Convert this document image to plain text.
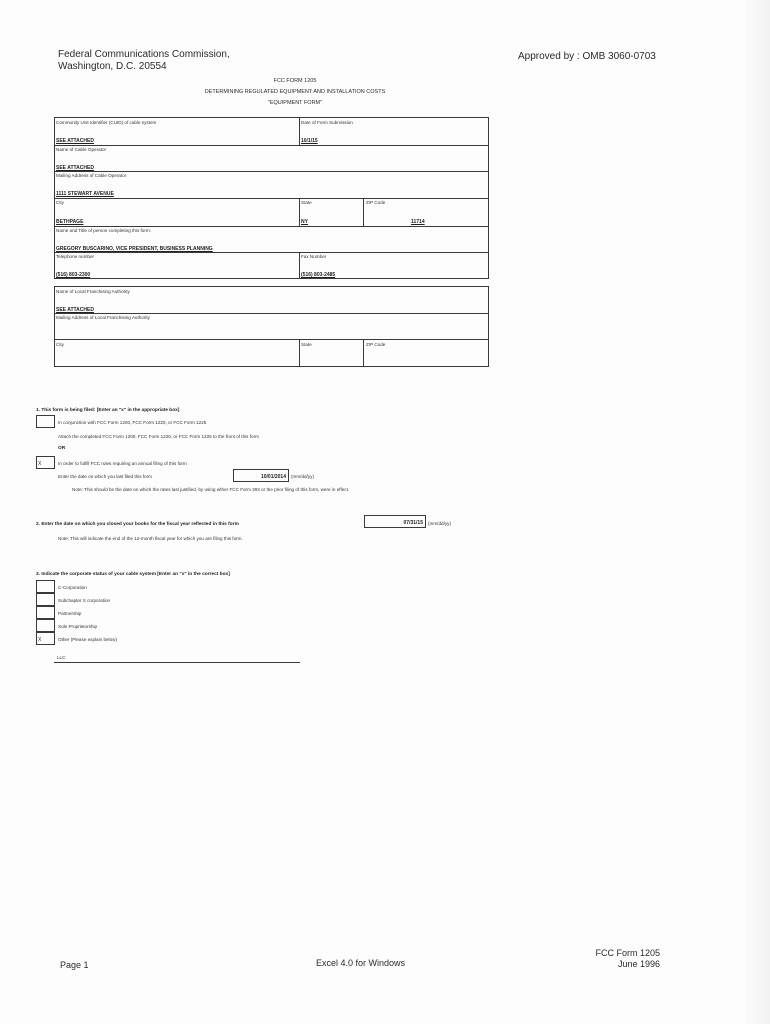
Federal Communications Commission,
Washington, D.C. 20554
Approved by : OMB 3060-0703
FCC FORM 1205
DETERMINING REGULATED EQUIPMENT AND INSTALLATION COSTS
"EQUIPMENT FORM"
Community Unit Identifier (CUID) of cable system
SEE ATTACHED
Date of Form Submission
10/1/15
Name of Cable Operator
SEE ATTACHED
Mailing Address of Cable Operator
1111 STEWART AVENUE
City
BETHPAGE
State
NY
ZIP Code
11714
Name and Title of person completing this form:
GREGORY BUSCARINO, VICE PRESIDENT, BUSINESS PLANNING
Telephone number
(516) 803-2300
Fax Number
(516) 803-2485
Name of Local Franchising Authority
SEE ATTACHED
Mailing Address of Local Franchising Authority
City	State	ZIP Code
1. This form is being filed: [Enter an "x" in the appropriate box]
In conjunction with FCC Form 1200, FCC Form 1220, or FCC Form 1225
Attach the completed FCC Form 1200, FCC Form 1220, or FCC Form 1225 to the front of this form
OR
X	In order to fulfill FCC rules requiring an annual filing of this form
Enter the date on which you last filed this form	10/01/2014 (mm/dd/yy)
Note: This should be the date on which the rates last justified, by using either FCC Form 393 or the prior filing of this form, were in effect.
2. Enter the date on which you closed your books for the fiscal year reflected in this form	07/31/15 (mm/dd/yy)
Note: This will indicate the end of the 12-month fiscal year for which you are filing this form.
3. Indicate the corporate status of your cable system [Enter an "x" in the correct box]
C-Corporation
Subchapter S corporation
Partnership
Sole Proprietorship
X	Other (Please explain below)
LLC
Page 1	Excel 4.0 for Windows
FCC Form 1205
June 1996
